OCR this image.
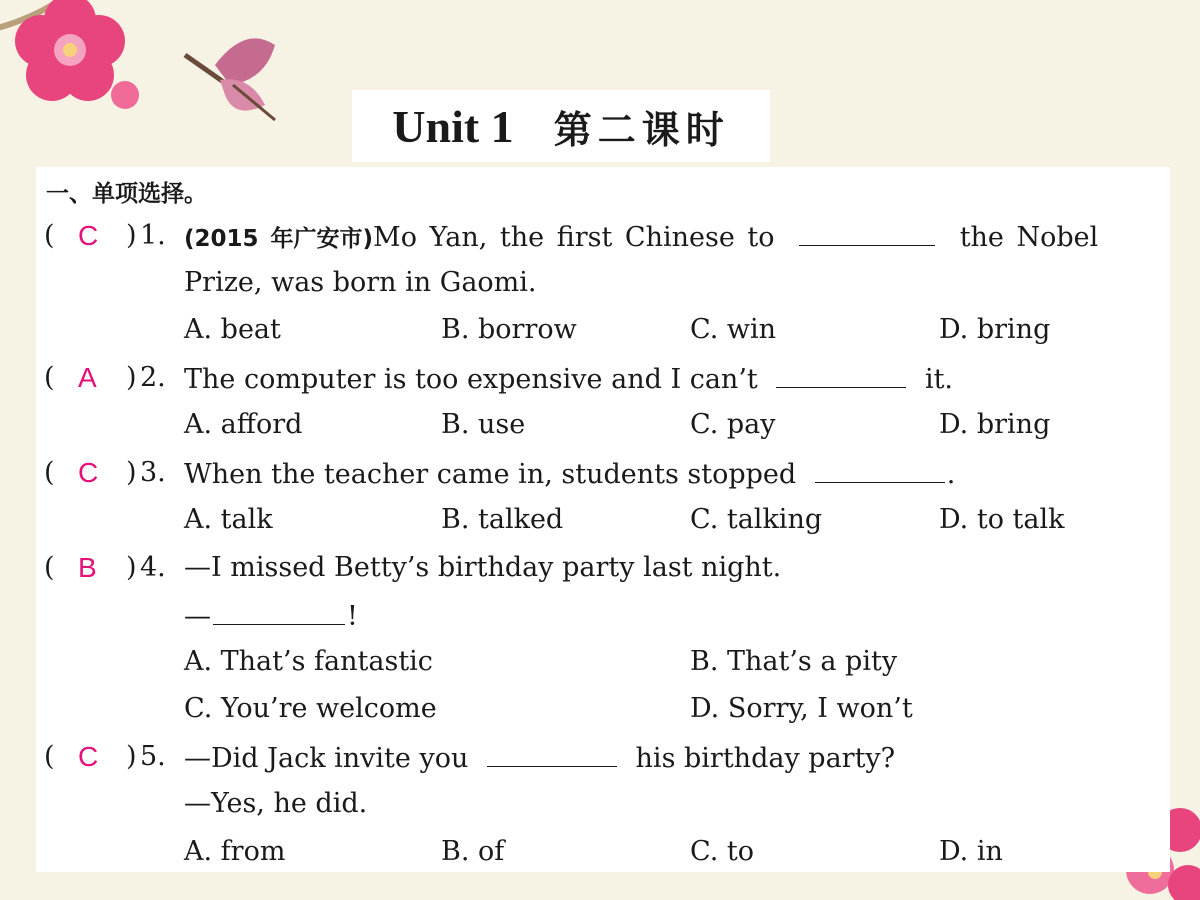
Unit 1 第二课时
一、单项选择。
( C ) 1. (2015 年广安市)Mo Yan, the first Chinese to	the Nobel
Prize, was born in Gaomi.
A. beat	B. borrow	C. win	D. bring
( A ) 2. The computer is too expensive and I can’t	it.
A. afford	B. use	C. pay	D. bring
( C ) 3. When the teacher came in, students stopped	.
A. talk	B. talked	C. talking	D. to talk
( B ) 4. —I missed Betty’s birthday party last night.
—	!
A. That’s fantastic	B. That’s a pity
C. You’re welcome	D. Sorry, I won’t
( C ) 5. —Did Jack invite you	his birthday party?
—Yes, he did.
A. from	B. of	C. to	D. in
